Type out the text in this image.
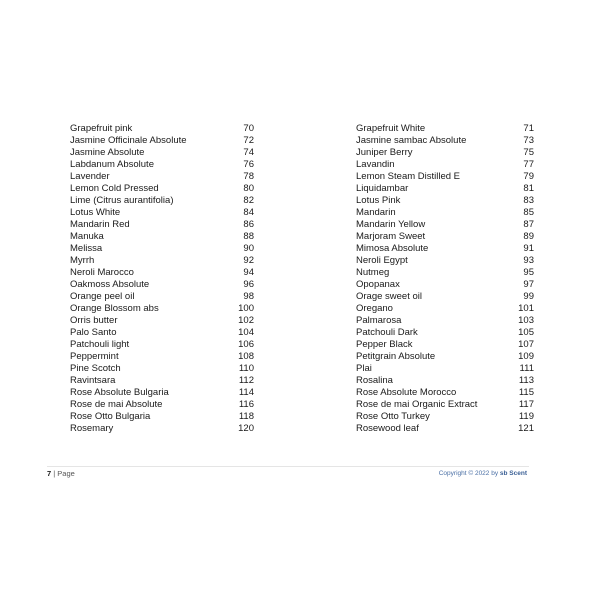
Grapefruit pink	70
Jasmine Officinale Absolute	72
Jasmine Absolute	74
Labdanum Absolute	76
Lavender	78
Lemon Cold Pressed	80
Lime (Citrus aurantifolia)	82
Lotus White	84
Mandarin Red	86
Manuka	88
Melissa	90
Myrrh	92
Neroli Marocco	94
Oakmoss Absolute	96
Orange peel oil	98
Orange Blossom abs	100
Orris butter	102
Palo Santo	104
Patchouli light	106
Peppermint	108
Pine Scotch	110
Ravintsara	112
Rose Absolute Bulgaria	114
Rose de mai Absolute	116
Rose Otto Bulgaria	118
Rosemary	120
Grapefruit White	71
Jasmine sambac Absolute	73
Juniper Berry	75
Lavandin	77
Lemon Steam Distilled E	79
Liquidambar	81
Lotus Pink	83
Mandarin	85
Mandarin Yellow	87
Marjoram Sweet	89
Mimosa Absolute	91
Neroli Egypt	93
Nutmeg	95
Opopanax	97
Orage sweet oil	99
Oregano	101
Palmarosa	103
Patchouli Dark	105
Pepper Black	107
Petitgrain Absolute	109
Plai	111
Rosalina	113
Rose Absolute Morocco	115
Rose de mai Organic Extract	117
Rose Otto Turkey	119
Rosewood leaf	121
7 | Page	Copyright © 2022 by sb Scent
